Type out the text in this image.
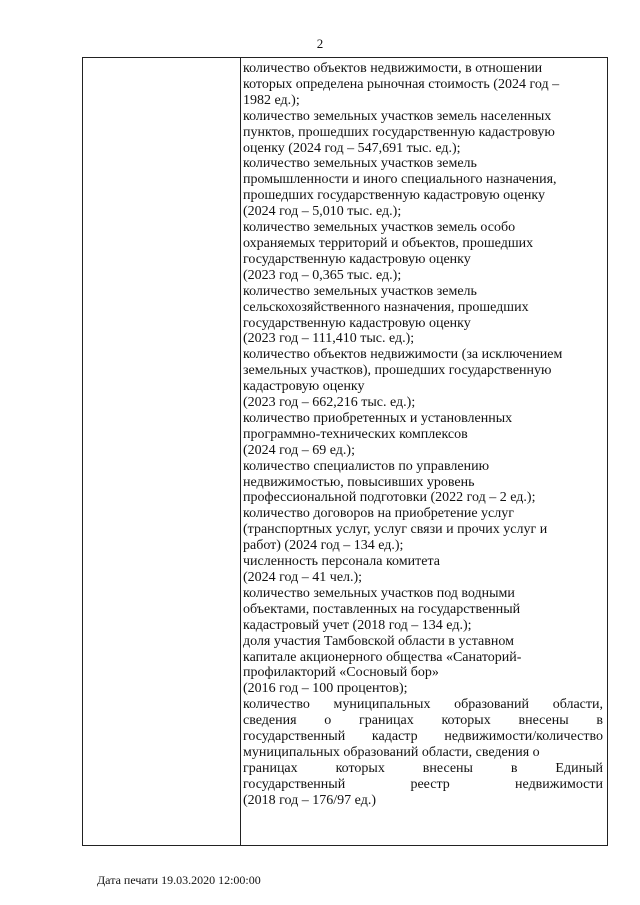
2
количество объектов недвижимости, в отношении
которых определена рыночная стоимость (2024 год –
1982 ед.);
количество земельных участков земель населенных
пунктов, прошедших государственную кадастровую
оценку (2024 год – 547,691 тыс. ед.);
количество земельных участков земель
промышленности и иного специального назначения,
прошедших государственную кадастровую оценку
(2024 год – 5,010 тыс. ед.);
количество земельных участков земель особо
охраняемых территорий и объектов, прошедших
государственную кадастровую оценку
(2023 год – 0,365 тыс. ед.);
количество земельных участков земель
сельскохозяйственного назначения, прошедших
государственную кадастровую оценку
(2023 год – 111,410 тыс. ед.);
количество объектов недвижимости (за исключением
земельных участков), прошедших государственную
кадастровую оценку
(2023 год – 662,216 тыс. ед.);
количество приобретенных и установленных
программно-технических комплексов
(2024 год – 69 ед.);
количество специалистов по управлению
недвижимостью, повысивших уровень
профессиональной подготовки (2022 год – 2 ед.);
количество договоров на приобретение услуг
(транспортных услуг, услуг связи и прочих услуг и
работ) (2024 год – 134 ед.);
численность персонала комитета
(2024 год – 41 чел.);
количество земельных участков под водными
объектами, поставленных на государственный
кадастровый учет (2018 год – 134 ед.);
доля участия Тамбовской области в уставном
капитале акционерного общества «Санаторий-
профилакторий «Сосновый бор»
(2016 год – 100 процентов);
количество муниципальных образований области,
сведения о границах которых внесены в
государственный кадастр недвижимости/количество
муниципальных образований области, сведения о
границах которых внесены в Единый
государственный реестр недвижимости
(2018 год – 176/97 ед.)
Дата печати 19.03.2020 12:00:00
